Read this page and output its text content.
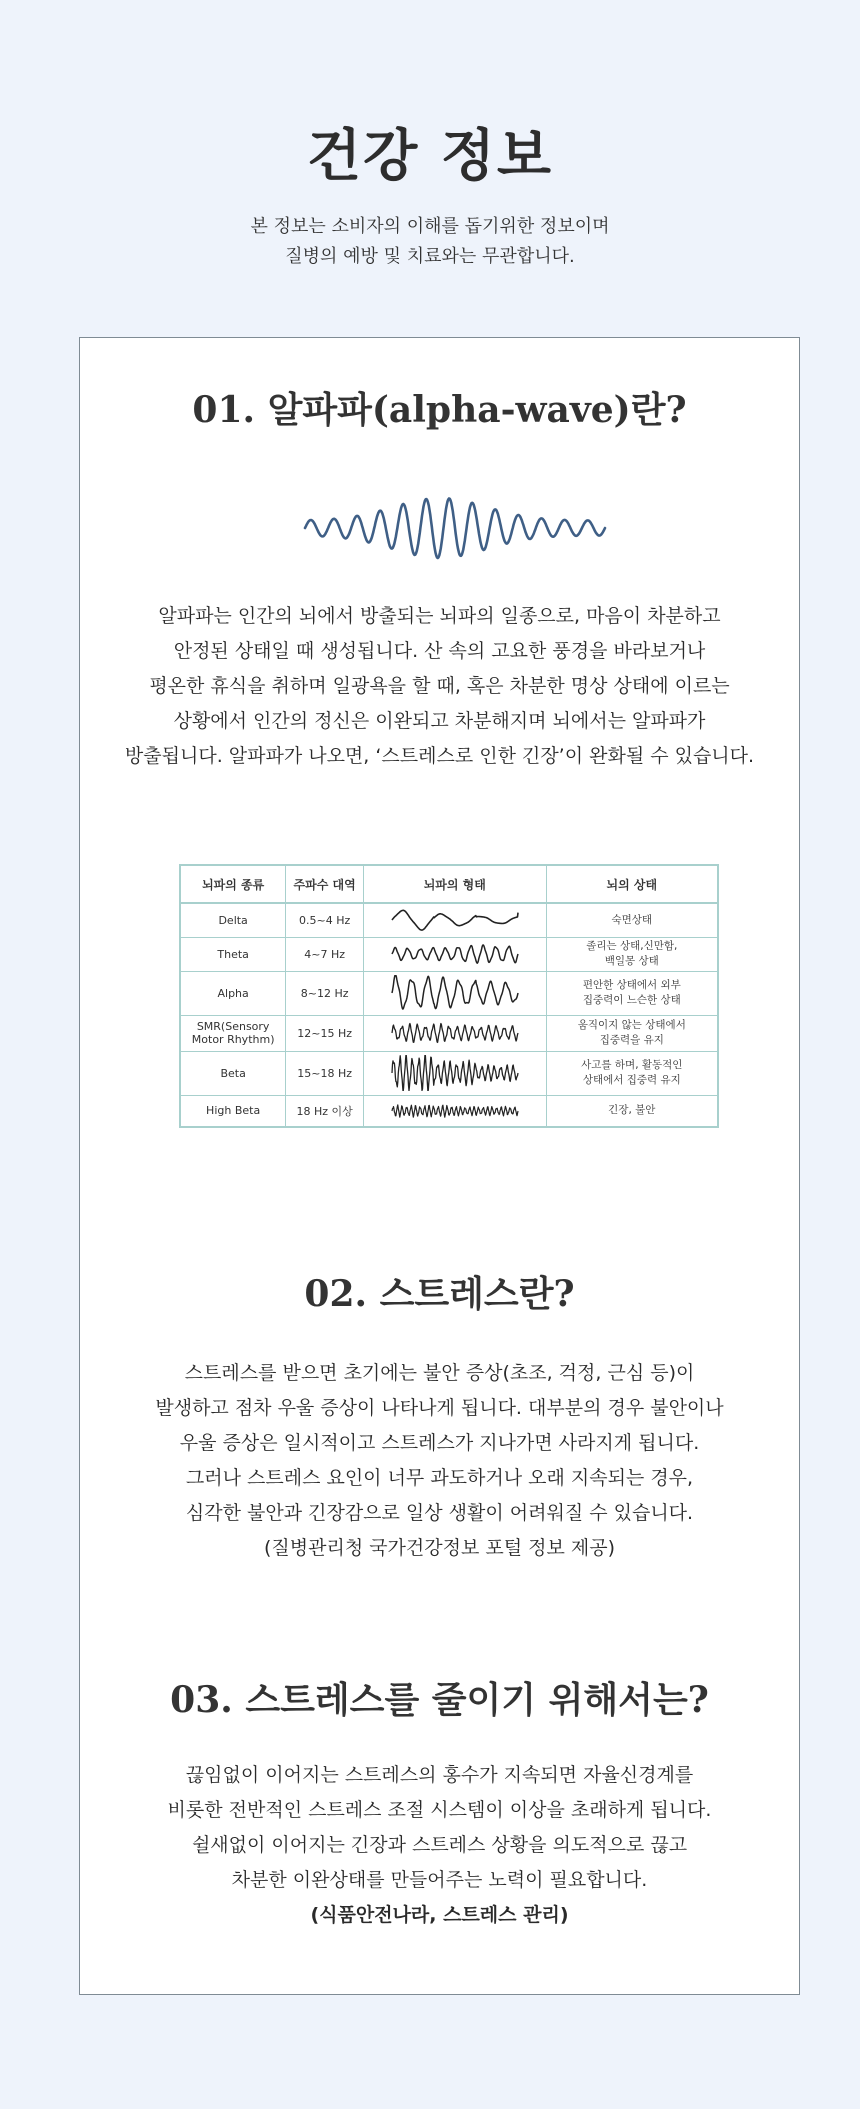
건강 정보
본 정보는 소비자의 이해를 돕기위한 정보이며
질병의 예방 및 치료와는 무관합니다.
01. 알파파(alpha-wave)란?
알파파는 인간의 뇌에서 방출되는 뇌파의 일종으로, 마음이 차분하고
안정된 상태일 때 생성됩니다. 산 속의 고요한 풍경을 바라보거나
평온한 휴식을 취하며 일광욕을 할 때, 혹은 차분한 명상 상태에 이르는
상황에서 인간의 정신은 이완되고 차분해지며 뇌에서는 알파파가
방출됩니다. 알파파가 나오면, ‘스트레스로 인한 긴장’이 완화될 수 있습니다.
뇌파의 종류	주파수 대역	뇌파의 형태	뇌의 상태
Delta	0.5~4 Hz		숙면상태
Theta	4~7 Hz		졸리는 상태,신만함,
백일몽 상태
Alpha	8~12 Hz		편안한 상태에서 외부
집중력이 느슨한 상태
SMR(Sensory
Motor Rhythm)	12~15 Hz		움직이지 않는 상태에서
집중력을 유지
Beta	15~18 Hz		사고를 하며, 활동적인
상태에서 집중력 유지
High Beta	18 Hz 이상		긴장, 불안
02. 스트레스란?
스트레스를 받으면 초기에는 불안 증상(초조, 걱정, 근심 등)이
발생하고 점차 우울 증상이 나타나게 됩니다. 대부분의 경우 불안이나
우울 증상은 일시적이고 스트레스가 지나가면 사라지게 됩니다.
그러나 스트레스 요인이 너무 과도하거나 오래 지속되는 경우,
심각한 불안과 긴장감으로 일상 생활이 어려워질 수 있습니다.
(질병관리청 국가건강정보 포털 정보 제공)
03. 스트레스를 줄이기 위해서는?
끊임없이 이어지는 스트레스의 홍수가 지속되면 자율신경계를
비롯한 전반적인 스트레스 조절 시스템이 이상을 초래하게 됩니다.
쉴새없이 이어지는 긴장과 스트레스 상황을 의도적으로 끊고
차분한 이완상태를 만들어주는 노력이 필요합니다.
(식품안전나라, 스트레스 관리)
